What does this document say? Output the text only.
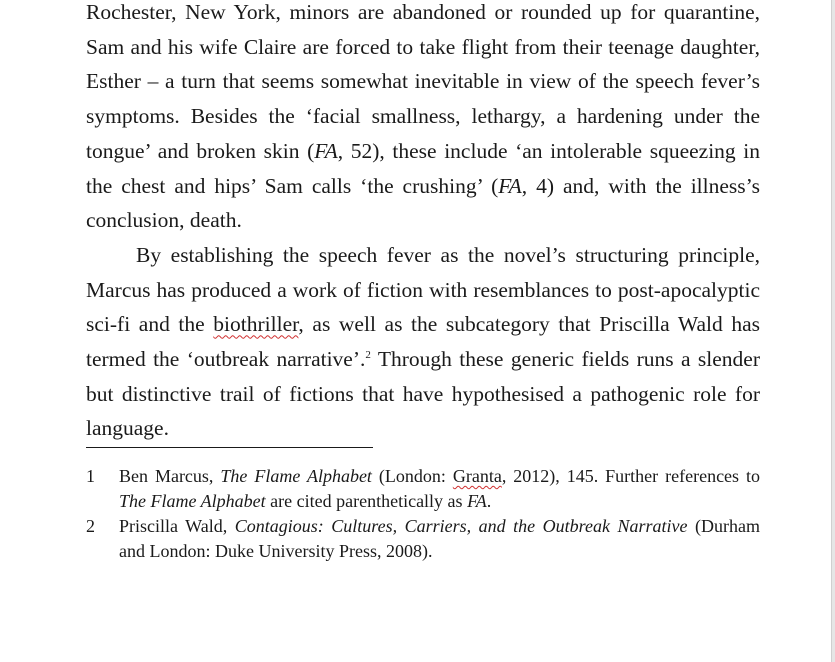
Rochester, New York, minors are abandoned or rounded up for quarantine, Sam and his wife Claire are forced to take flight from their teenage daughter, Esther – a turn that seems somewhat inevitable in view of the speech fever’s symptoms. Besides the ‘facial smallness, lethargy, a hardening under the tongue’ and broken skin (FA, 52), these include ‘an intolerable squeezing in the chest and hips’ Sam calls ‘the crushing’ (FA, 4) and, with the illness’s conclusion, death.

By establishing the speech fever as the novel’s structuring principle, Marcus has produced a work of fiction with resemblances to post-apocalyptic sci-fi and the biothriller, as well as the subcategory that Priscilla Wald has termed the ‘outbreak narrative’.$^2$ Through these generic fields runs a slender but distinctive trail of fictions that have hypothesised a pathogenic role for language.

1	Ben Marcus, The Flame Alphabet (London: Granta, 2012), 145. Further references to The Flame Alphabet are cited parenthetically as FA.
2	Priscilla Wald, Contagious: Cultures, Carriers, and the Outbreak Narrative (Durham and London: Duke University Press, 2008).
